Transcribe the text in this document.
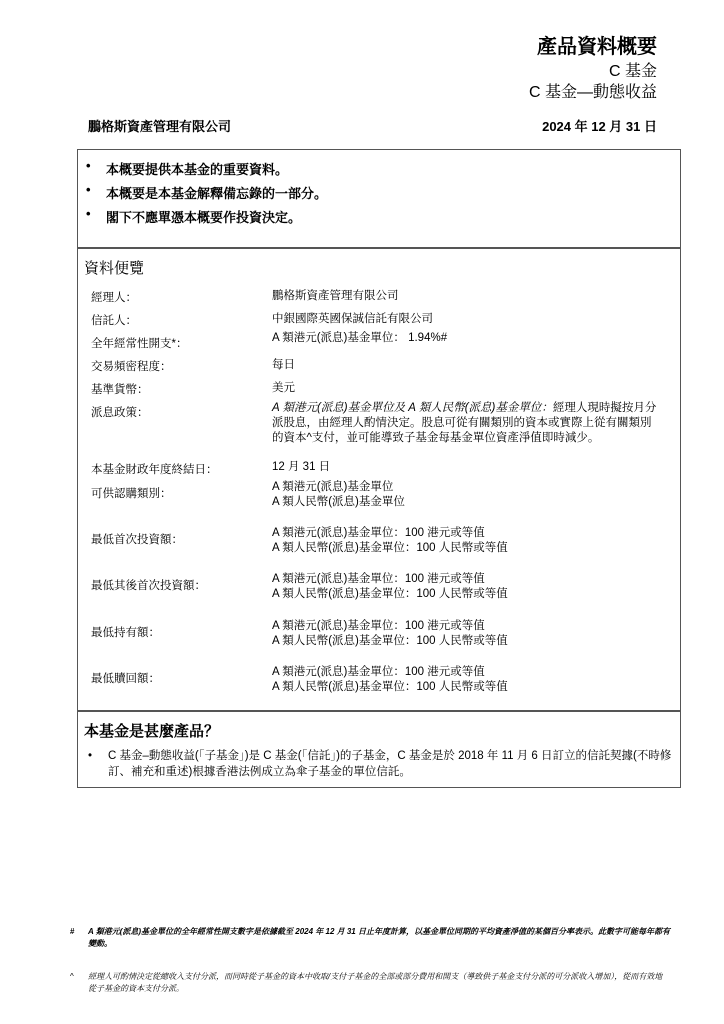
產品資料概要
C 基金
C 基金—動態收益
鵬格斯資產管理有限公司	2024 年 12 月 31 日
• 本概要提供本基金的重要資料。
• 本概要是本基金解釋備忘錄的一部分。
• 閣下不應單憑本概要作投資決定。
資料便覽
經理人：	鵬格斯資產管理有限公司
信託人：	中銀國際英國保誠信託有限公司
全年經常性開支*：	A 類港元(派息)基金單位： 1.94%#
交易頻密程度：	每日
基準貨幣：	美元
派息政策：	A 類港元(派息)基金單位及 A 類人民幣(派息)基金單位：經理人現時擬按月分
派股息，由經理人酌情決定。股息可從有關類別的資本或實際上從有關類別
的資本^支付，並可能導致子基金每基金單位資產淨值即時減少。
本基金財政年度終結日：	12 月 31 日
可供認購類別：
A 類港元(派息)基金單位
A 類人民幣(派息)基金單位
最低首次投資額：
A 類港元(派息)基金單位：100 港元或等值
A 類人民幣(派息)基金單位：100 人民幣或等值
最低其後首次投資額：
A 類港元(派息)基金單位：100 港元或等值
A 類人民幣(派息)基金單位：100 人民幣或等值
最低持有額：
A 類港元(派息)基金單位：100 港元或等值
A 類人民幣(派息)基金單位：100 人民幣或等值
最低贖回額：
A 類港元(派息)基金單位：100 港元或等值
A 類人民幣(派息)基金單位：100 人民幣或等值
本基金是甚麼產品？
• C 基金–動態收益(「子基金」)是 C 基金(「信託」)的子基金，C 基金是於 2018 年 11 月 6 日訂立的信託契據(不時修訂、補充和重述)根據香港法例成立為傘子基金的單位信託。
# A 類港元(派息)基金單位的全年經常性開支數字是依據截至 2024 年 12 月 31 日止年度計算，以基金單位同期的平均資產淨值的某個百分率表示。此數字可能每年都有變動。
^ 經理人可酌情決定從總收入支付分派，而同時從子基金的資本中收取/支付子基金的全部或部分費用和開支（導致供子基金支付分派的可分派收入增加），從而有效地從子基金的資本支付分派。
